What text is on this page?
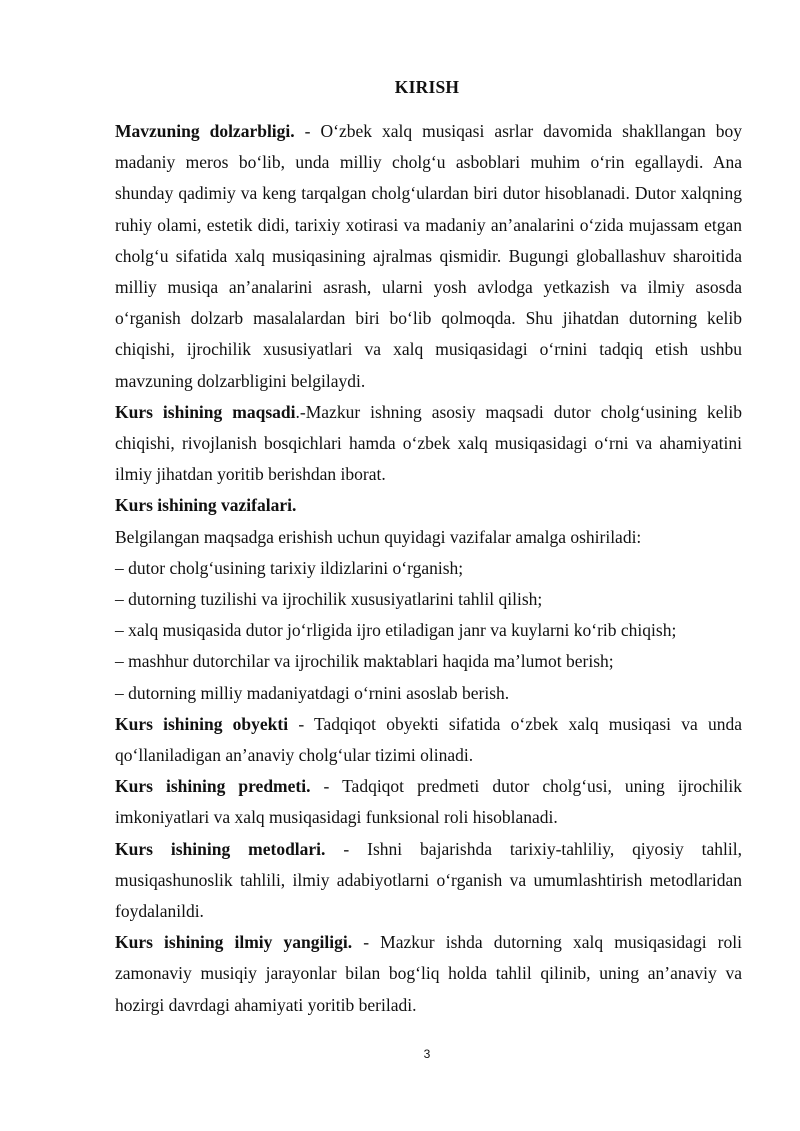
KIRISH

Mavzuning dolzarbligi. - O‘zbek xalq musiqasi asrlar davomida shakllangan boy madaniy meros bo‘lib, unda milliy cholg‘u asboblari muhim o‘rin egallaydi. Ana shunday qadimiy va keng tarqalgan cholg‘ulardan biri dutor hisoblanadi. Dutor xalqning ruhiy olami, estetik didi, tarixiy xotirasi va madaniy an’analarini o‘zida mujassam etgan cholg‘u sifatida xalq musiqasining ajralmas qismidir. Bugungi globallashuv sharoitida milliy musiqa an’analarini asrash, ularni yosh avlodga yetkazish va ilmiy asosda o‘rganish dolzarb masalalardan biri bo‘lib qolmoqda. Shu jihatdan dutorning kelib chiqishi, ijrochilik xususiyatlari va xalq musiqasidagi o‘rnini tadqiq etish ushbu mavzuning dolzarbligini belgilaydi.

Kurs ishining maqsadi.-Mazkur ishning asosiy maqsadi dutor cholg‘usining kelib chiqishi, rivojlanish bosqichlari hamda o‘zbek xalq musiqasidagi o‘rni va ahamiyatini ilmiy jihatdan yoritib berishdan iborat.

Kurs ishining vazifalari.

Belgilangan maqsadga erishish uchun quyidagi vazifalar amalga oshiriladi:

– dutor cholg‘usining tarixiy ildizlarini o‘rganish;

– dutorning tuzilishi va ijrochilik xususiyatlarini tahlil qilish;

– xalq musiqasida dutor jo‘rligida ijro etiladigan janr va kuylarni ko‘rib chiqish;

– mashhur dutorchilar va ijrochilik maktablari haqida ma’lumot berish;

– dutorning milliy madaniyatdagi o‘rnini asoslab berish.

Kurs ishining obyekti - Tadqiqot obyekti sifatida o‘zbek xalq musiqasi va unda qo‘llaniladigan an’anaviy cholg‘ular tizimi olinadi.

Kurs ishining predmeti. - Tadqiqot predmeti dutor cholg‘usi, uning ijrochilik imkoniyatlari va xalq musiqasidagi funksional roli hisoblanadi.

Kurs ishining metodlari. - Ishni bajarishda tarixiy-tahliliy, qiyosiy tahlil, musiqashunoslik tahlili, ilmiy adabiyotlarni o‘rganish va umumlashtirish metodlaridan foydalanildi.

Kurs ishining ilmiy yangiligi. - Mazkur ishda dutorning xalq musiqasidagi roli zamonaviy musiqiy jarayonlar bilan bog‘liq holda tahlil qilinib, uning an’anaviy va hozirgi davrdagi ahamiyati yoritib beriladi.

3
